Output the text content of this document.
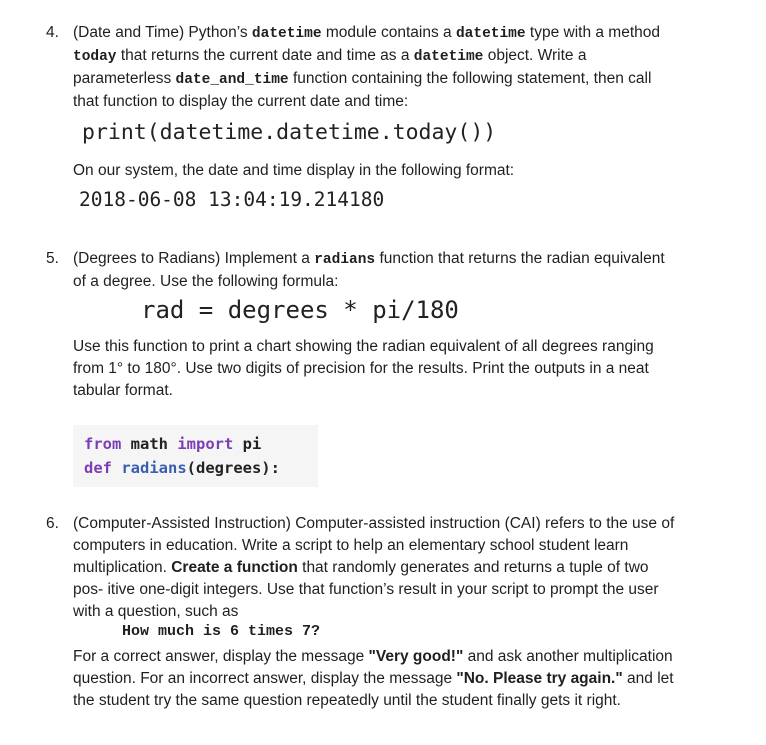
4. (Date and Time) Python’s datetime module contains a datetime type with a method
today that returns the current date and time as a datetime object. Write a
parameterless date_and_time function containing the following statement, then call
that function to display the current date and time:
print(datetime.datetime.today())
On our system, the date and time display in the following format:
2018-06-08 13:04:19.214180
5. (Degrees to Radians) Implement a radians function that returns the radian equivalent
of a degree. Use the following formula:
rad = degrees * pi/180
Use this function to print a chart showing the radian equivalent of all degrees ranging
from 1° to 180°. Use two digits of precision for the results. Print the outputs in a neat
tabular format.
from math import pi
def radians(degrees):
6. (Computer-Assisted Instruction) Computer-assisted instruction (CAI) refers to the use of
computers in education. Write a script to help an elementary school student learn
multiplication. Create a function that randomly generates and returns a tuple of two
pos- itive one-digit integers. Use that function’s result in your script to prompt the user
with a question, such as
How much is 6 times 7?
For a correct answer, display the message "Very good!" and ask another multiplication
question. For an incorrect answer, display the message "No. Please try again." and let
the student try the same question repeatedly until the student finally gets it right.
